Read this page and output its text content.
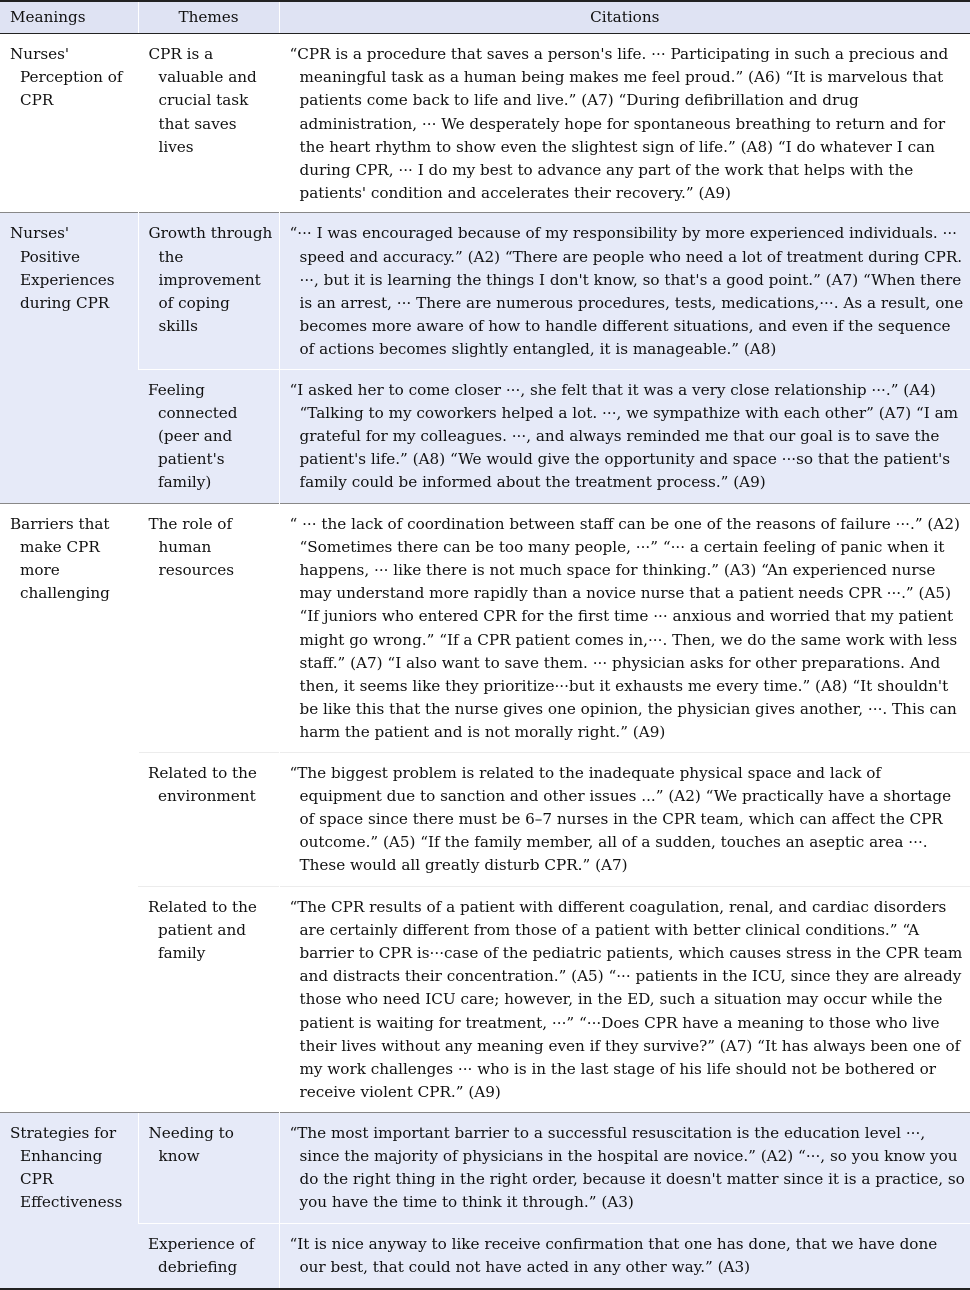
Meanings	Themes	Citations

Nurses' Perception of CPR	CPR is a valuable and crucial task that saves lives	“CPR is a procedure that saves a person's life. ··· Participating in such a precious and meaningful task as a human being makes me feel proud.” (A6) “It is marvelous that patients come back to life and live.” (A7) “During defibrillation and drug administration, ··· We desperately hope for spontaneous breathing to return and for the heart rhythm to show even the slightest sign of life.” (A8) “I do whatever I can during CPR, ··· I do my best to advance any part of the work that helps with the patients' condition and accelerates their recovery.” (A9)

Nurses' Positive Experiences during CPR	Growth through the improvement of coping skills	“··· I was encouraged because of my responsibility by more experienced individuals. ··· speed and accuracy.” (A2) “There are people who need a lot of treatment during CPR. ···, but it is learning the things I don't know, so that's a good point.” (A7) “When there is an arrest, ··· There are numerous procedures, tests, medications,···. As a result, one becomes more aware of how to handle different situations, and even if the sequence of actions becomes slightly entangled, it is manageable.” (A8)

	Feeling connected (peer and patient's family)	“I asked her to come closer ···, she felt that it was a very close relationship ···.” (A4) “Talking to my coworkers helped a lot. ···, we sympathize with each other” (A7) “I am grateful for my colleagues. ···, and always reminded me that our goal is to save the patient's life.” (A8) “We would give the opportunity and space ···so that the patient's family could be informed about the treatment process.” (A9)

Barriers that make CPR more challenging	The role of human resources	“ ··· the lack of coordination between staff can be one of the reasons of failure ···.” (A2) “Sometimes there can be too many people, ···” “··· a certain feeling of panic when it happens, ··· like there is not much space for thinking.” (A3) “An experienced nurse may understand more rapidly than a novice nurse that a patient needs CPR ···.” (A5) “If juniors who entered CPR for the first time ··· anxious and worried that my patient might go wrong.” “If a CPR patient comes in,···. Then, we do the same work with less staff.” (A7) “I also want to save them. ··· physician asks for other preparations. And then, it seems like they prioritize···but it exhausts me every time.” (A8) “It shouldn't be like this that the nurse gives one opinion, the physician gives another, ···. This can harm the patient and is not morally right.” (A9)

	Related to the environment	“The biggest problem is related to the inadequate physical space and lack of equipment due to sanction and other issues ...” (A2) “We practically have a shortage of space since there must be 6–7 nurses in the CPR team, which can affect the CPR outcome.” (A5) “If the family member, all of a sudden, touches an aseptic area ···. These would all greatly disturb CPR.” (A7)

	Related to the patient and family	“The CPR results of a patient with different coagulation, renal, and cardiac disorders are certainly different from those of a patient with better clinical conditions.” “A barrier to CPR is···case of the pediatric patients, which causes stress in the CPR team and distracts their concentration.” (A5) “··· patients in the ICU, since they are already those who need ICU care; however, in the ED, such a situation may occur while the patient is waiting for treatment, ···” “···Does CPR have a meaning to those who live their lives without any meaning even if they survive?” (A7) “It has always been one of my work challenges ··· who is in the last stage of his life should not be bothered or receive violent CPR.” (A9)

Strategies for Enhancing CPR Effectiveness	Needing to know	“The most important barrier to a successful resuscitation is the education level ···, since the majority of physicians in the hospital are novice.” (A2) “···, so you know you do the right thing in the right order, because it doesn't matter since it is a practice, so you have the time to think it through.” (A3)

	Experience of debriefing	“It is nice anyway to like receive confirmation that one has done, that we have done our best, that could not have acted in any other way.” (A3)
